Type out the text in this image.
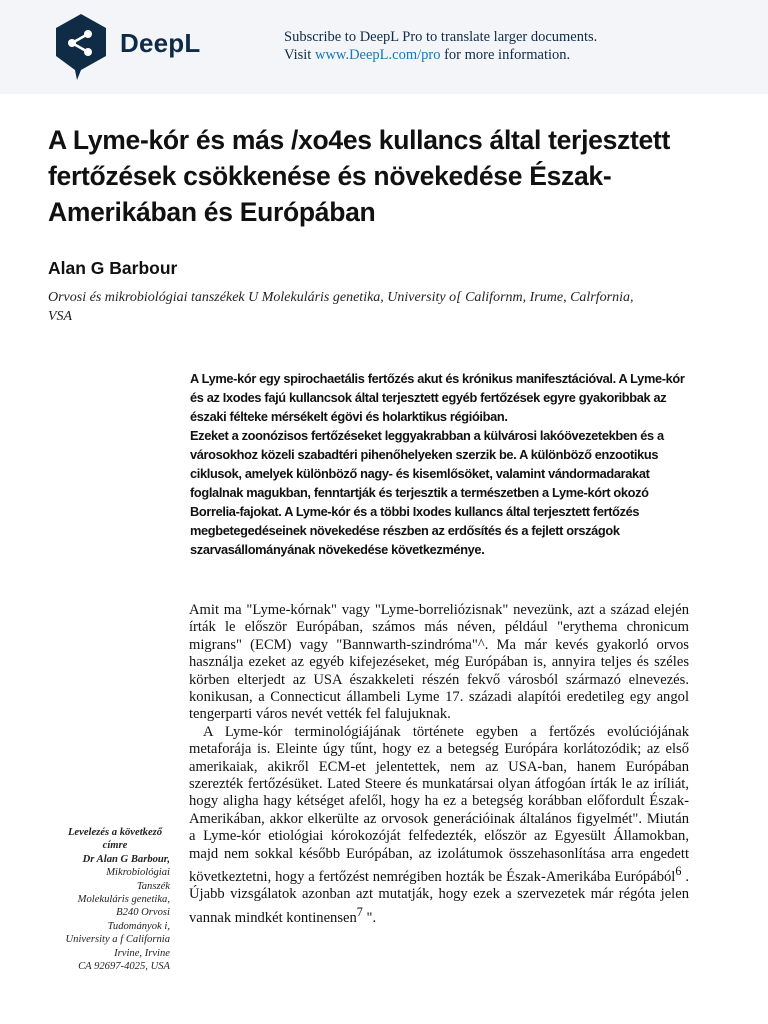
DeepL	Subscribe to DeepL Pro to translate larger documents.
Visit www.DeepL.com/pro for more information.
A Lyme-kór és más /xo4es kullancs által terjesztett fertőzések csökkenése és növekedése Észak-Amerikában és Európában
Alan G Barbour
Orvosi és mikrobiológiai tanszékek U Molekuláris genetika, University o[ Californm, Irume, Calrfornia, VSA

A Lyme-kór egy spirochaetális fertőzés akut és krónikus manifesztációval. A Lyme-kór és az Ixodes fajú kullancsok által terjesztett egyéb fertőzések egyre gyakoribbak az északi félteke mérsékelt égövi és holarktikus régióiban.

Ezeket a zoonózisos fertőzéseket leggyakrabban a külvárosi lakóövezetekben és a városokhoz közeli szabadtéri pihenőhelyeken szerzik be. A különböző enzootikus ciklusok, amelyek különböző nagy- és kisemlősöket, valamint vándormadarakat foglalnak magukban, fenntartják és terjesztik a természetben a Lyme-kórt okozó Borrelia-fajokat. A Lyme-kór és a többi Ixodes kullancs által terjesztett fertőzés megbetegedéseinek növekedése részben az erdősítés és a fejlett országok szarvasállományának növekedése következménye.

Amit ma "Lyme-kórnak" vagy "Lyme-borreliózisnak" nevezünk, azt a század elején írták le először Európában, számos más néven, például "erythema chronicum migrans" (ECM) vagy "Bannwarth-szindróma"^. Ma már kevés gyakorló orvos használja ezeket az egyéb kifejezéseket, még Európában is, annyira teljes és széles körben elterjedt az USA északkeleti részén fekvő városból származó elnevezés. konikusan, a Connecticut állambeli Lyme 17. századi alapítói eredetileg egy angol tengerparti város nevét vették fel falujuknak.

A Lyme-kór terminológiájának története egyben a fertőzés evolúciójának metaforája is. Eleinte úgy tűnt, hogy ez a betegség Európára korlátozódik; az első amerikaiak, akikről ECM-et jelentettek, nem az USA-ban, hanem Európában szerezték fertőzésüket. Lated Steere és munkatársai olyan átfogóan írták le az iríliát, hogy aligha hagy kétséget afelől, hogy ha ez a betegség korábban előfordult Észak-Amerikában, akkor elkerülte az orvosok generációinak általános figyelmét". Miután a Lyme-kór etiológiai kórokozóját felfedezték, először az Egyesült Államokban, majd nem sokkal később Európában, az izolátumok összehasonlítása arra engedett következtetni, hogy a fertőzést nemrégiben hozták be Észak-Amerikába Európából$^6$ . Újabb vizsgálatok azonban azt mutatják, hogy ezek a szervezetek már régóta jelen vannak mindkét kontinensen$^7$ ".

Levelezés a következő címre
Dr Alan G Barbour,
Mikrobiológiai
Tanszék
Molekuláris genetika,
B240 Orvosi
Tudományok i,
University a f California
Irvine, Irvine
CA 92697-4025, USA
